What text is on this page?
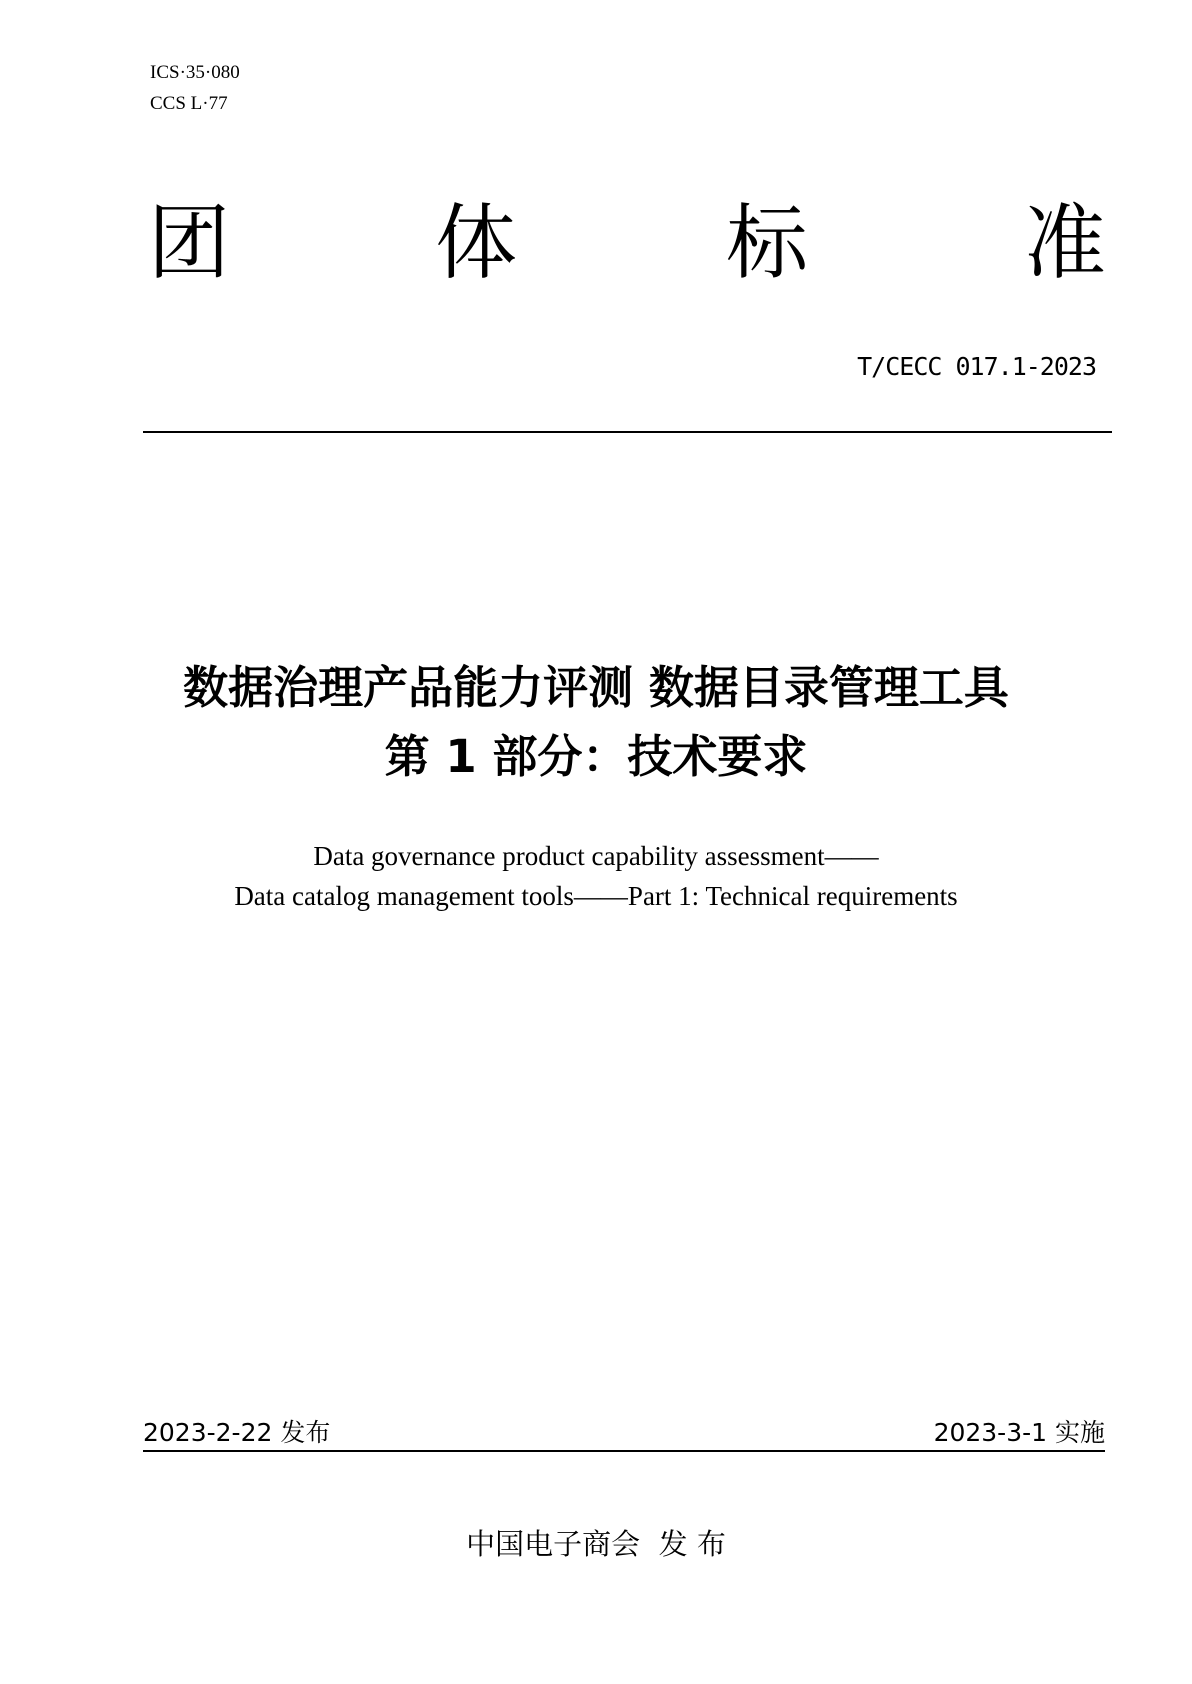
ICS·35·080
CCS L·77
团 体	标	准
T/CECC 017.1-2023
数据治理产品能力评测 数据目录管理工具
第 1 部分：技术要求
Data governance product capability assessment——
Data catalog management tools——Part 1: Technical requirements
2023-2-22 发布	2023-3-1 实施
中国电子商会  发 布
